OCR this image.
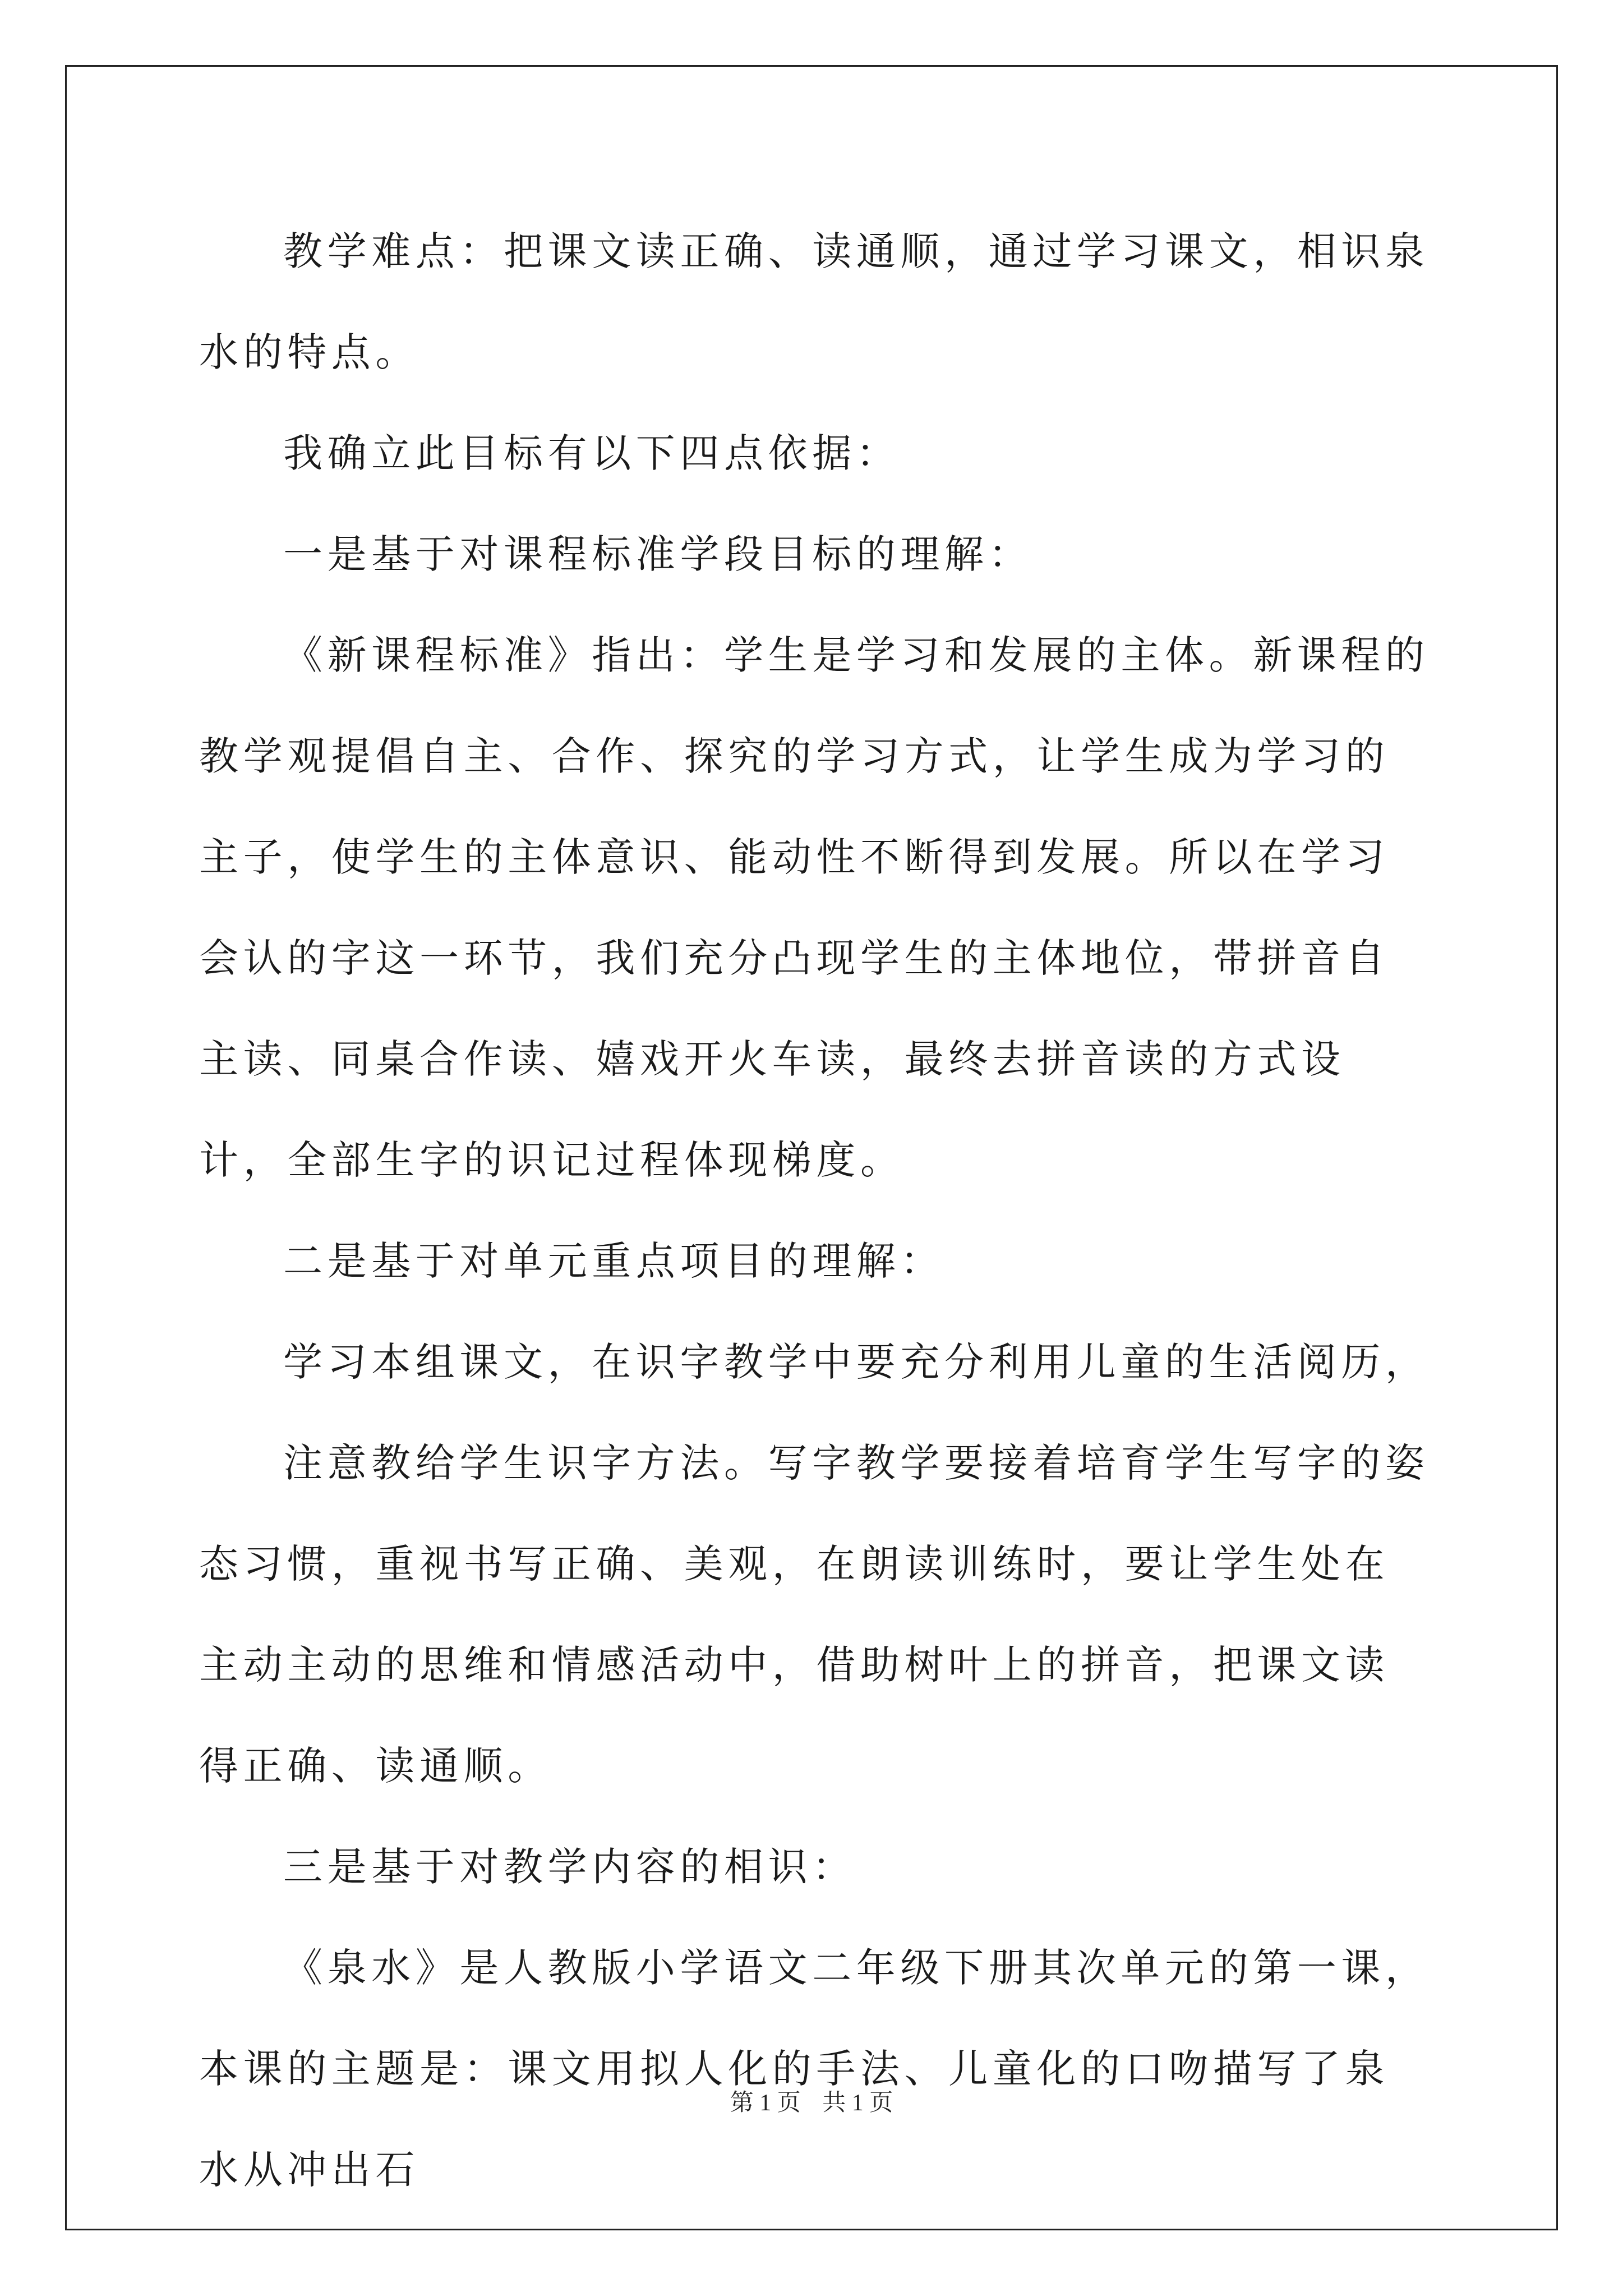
教学难点：把课文读正确、读通顺，通过学习课文，相识泉水的特点。

我确立此目标有以下四点依据：

一是基于对课程标准学段目标的理解：

《新课程标准》指出：学生是学习和发展的主体。新课程的教学观提倡自主、合作、探究的学习方式，让学生成为学习的主子，使学生的主体意识、能动性不断得到发展。所以在学习会认的字这一环节，我们充分凸现学生的主体地位，带拼音自主读、同桌合作读、嬉戏开火车读，最终去拼音读的方式设计，全部生字的识记过程体现梯度。

二是基于对单元重点项目的理解：

学习本组课文，在识字教学中要充分利用儿童的生活阅历，

注意教给学生识字方法。写字教学要接着培育学生写字的姿态习惯，重视书写正确、美观，在朗读训练时，要让学生处在主动主动的思维和情感活动中，借助树叶上的拼音，把课文读得正确、读通顺。

三是基于对教学内容的相识：

《泉水》是人教版小学语文二年级下册其次单元的第一课，本课的主题是：课文用拟人化的手法、儿童化的口吻描写了泉水从冲出石

第 1 页 共 1 页
